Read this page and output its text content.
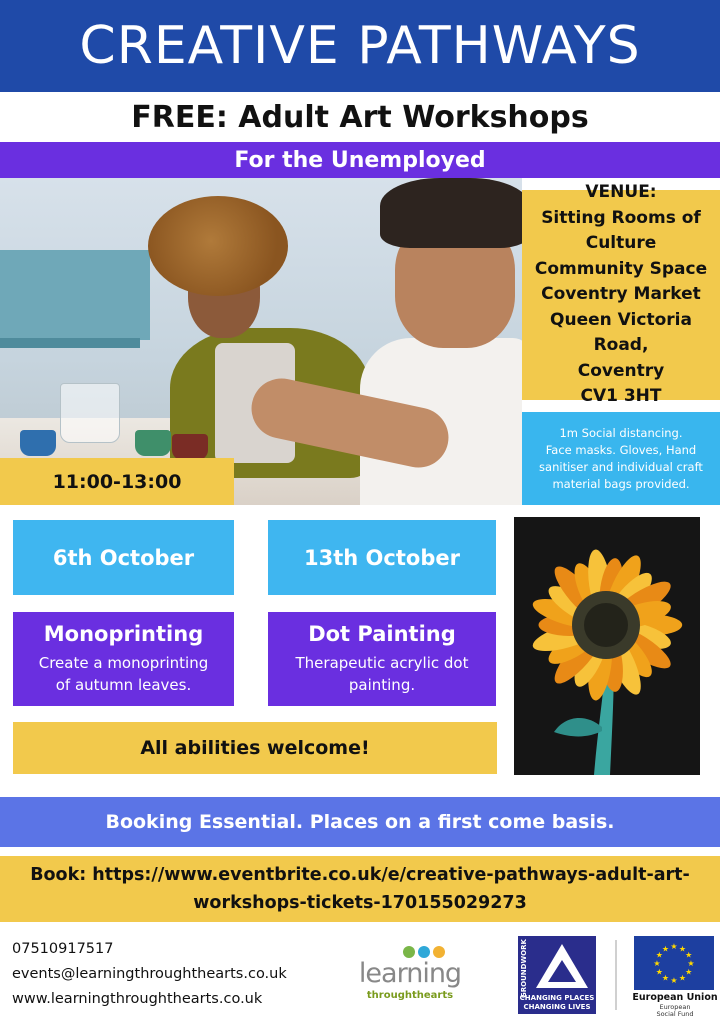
CREATIVE PATHWAYS
FREE: Adult Art Workshops
For the Unemployed
11:00-13:00
VENUE:
Sitting Rooms of
Culture
Community Space
Coventry Market
Queen Victoria Road,
Coventry
CV1 3HT
1m Social distancing.
Face masks. Gloves, Hand
sanitiser and individual craft
material bags provided.
6th October	13th October
Monoprinting
Create a monoprinting
of autumn leaves.
Dot Painting
Therapeutic acrylic dot
painting.
All abilities welcome!
Booking Essential. Places on a first come basis.
Book: https://www.eventbrite.co.uk/e/creative-pathways-adult-art-
workshops-tickets-170155029273
07510917517
events@learningthroughthearts.co.uk
www.learningthroughthearts.co.uk
learning
throughthearts	GROUNDWORK
CHANGING PLACES
CHANGING LIVES
★ ★
★
★
★
★
★
★
★
★
★
★
European Union
European
Social Fund
